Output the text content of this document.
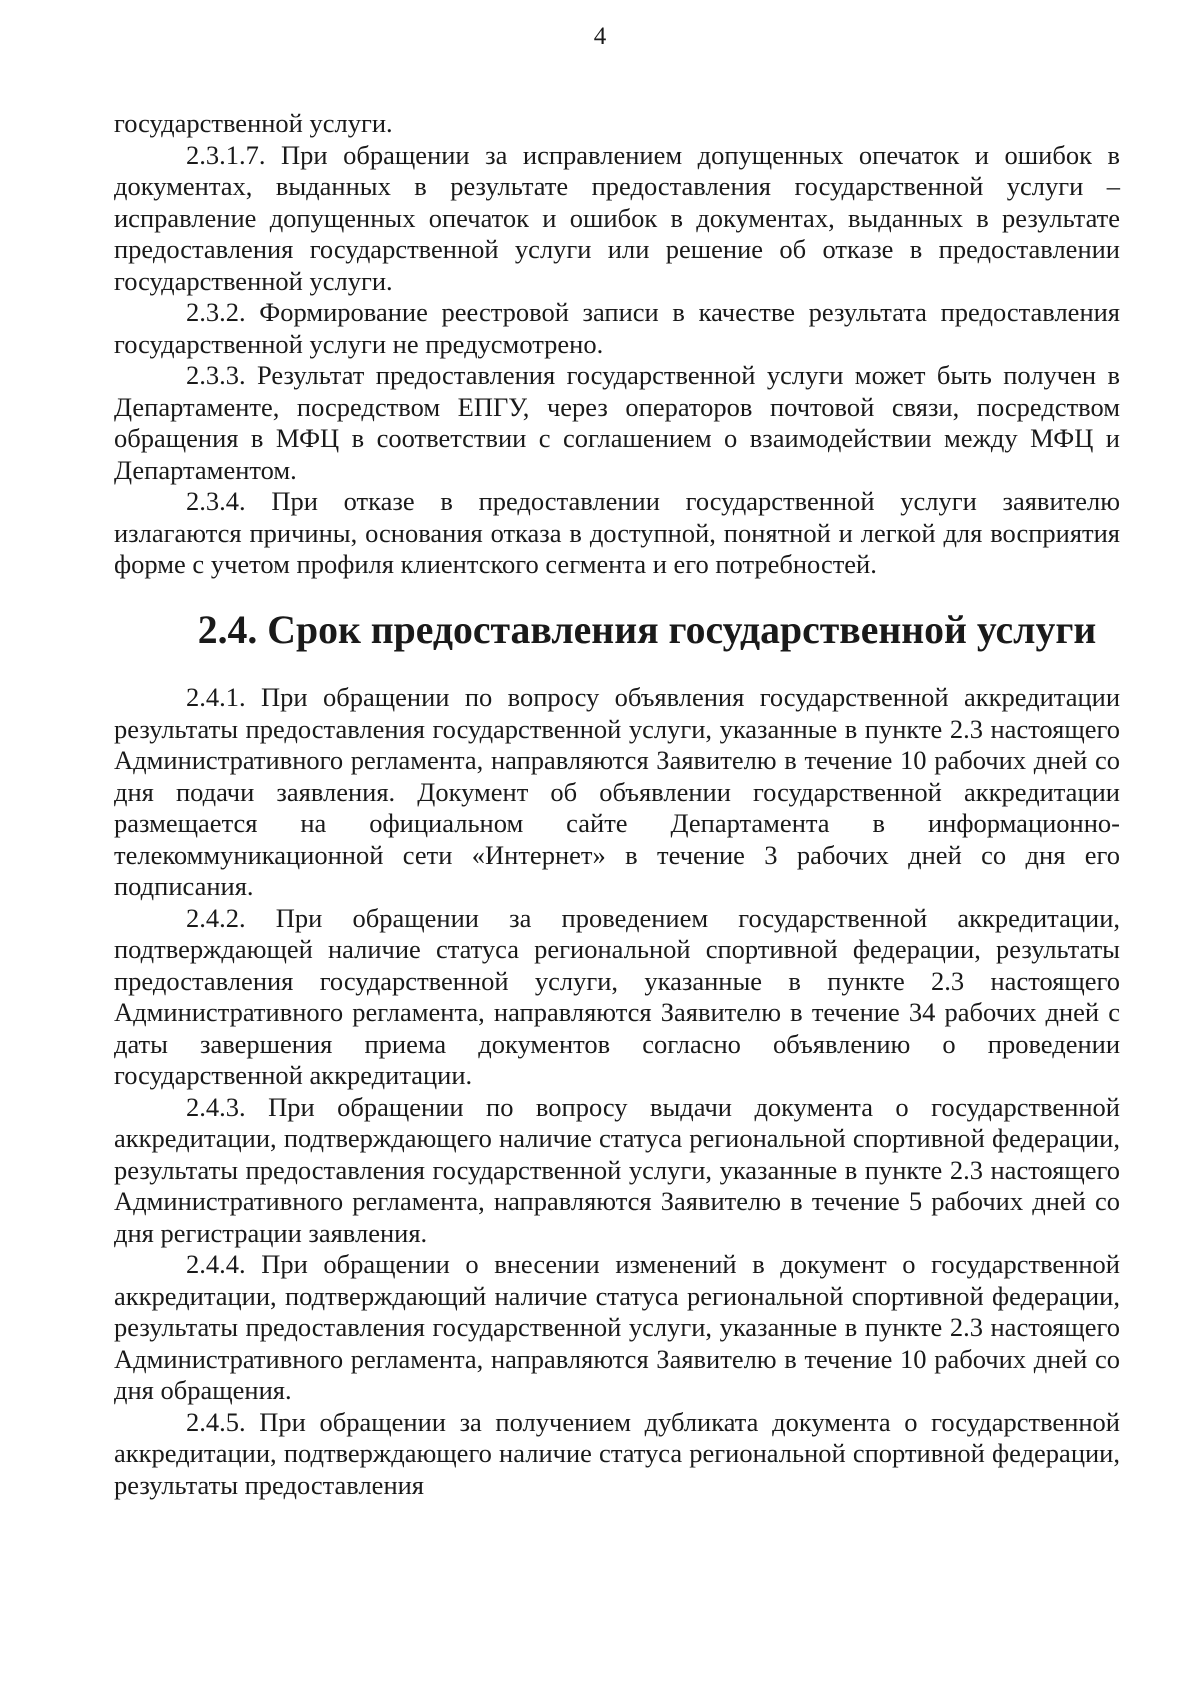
4

государственной услуги.

2.3.1.7. При обращении за исправлением допущенных опечаток и ошибок в документах, выданных в результате предоставления государственной услуги – исправление допущенных опечаток и ошибок в документах, выданных в результате предоставления государственной услуги или решение об отказе в предоставлении государственной услуги.

2.3.2. Формирование реестровой записи в качестве результата предоставления государственной услуги не предусмотрено.

2.3.3. Результат предоставления государственной услуги может быть получен в Департаменте, посредством ЕПГУ, через операторов почтовой связи, посредством обращения в МФЦ в соответствии с соглашением о взаимодействии между МФЦ и Департаментом.

2.3.4. При отказе в предоставлении государственной услуги заявителю излагаются причины, основания отказа в доступной, понятной и легкой для восприятия форме с учетом профиля клиентского сегмента и его потребностей.

2.4. Срок предоставления государственной услуги

2.4.1. При обращении по вопросу объявления государственной аккредитации результаты предоставления государственной услуги, указанные в пункте 2.3 настоящего Административного регламента, направляются Заявителю в течение 10 рабочих дней со дня подачи заявления. Документ об объявлении государственной аккредитации размещается на официальном сайте Департамента в информационно-телекоммуникационной сети «Интернет» в течение 3 рабочих дней со дня его подписания.

2.4.2. При обращении за проведением государственной аккредитации, подтверждающей наличие статуса региональной спортивной федерации, результаты предоставления государственной услуги, указанные в пункте 2.3 настоящего Административного регламента, направляются Заявителю в течение 34 рабочих дней с даты завершения приема документов согласно объявлению о проведении государственной аккредитации.

2.4.3. При обращении по вопросу выдачи документа о государственной аккредитации, подтверждающего наличие статуса региональной спортивной федерации, результаты предоставления государственной услуги, указанные в пункте 2.3 настоящего Административного регламента, направляются Заявителю в течение 5 рабочих дней со дня регистрации заявления.

2.4.4. При обращении о внесении изменений в документ о государственной аккредитации, подтверждающий наличие статуса региональной спортивной федерации, результаты предоставления государственной услуги, указанные в пункте 2.3 настоящего Административного регламента, направляются Заявителю в течение 10 рабочих дней со дня обращения.

2.4.5. При обращении за получением дубликата документа о государственной аккредитации, подтверждающего наличие статуса региональной спортивной федерации, результаты предоставления
